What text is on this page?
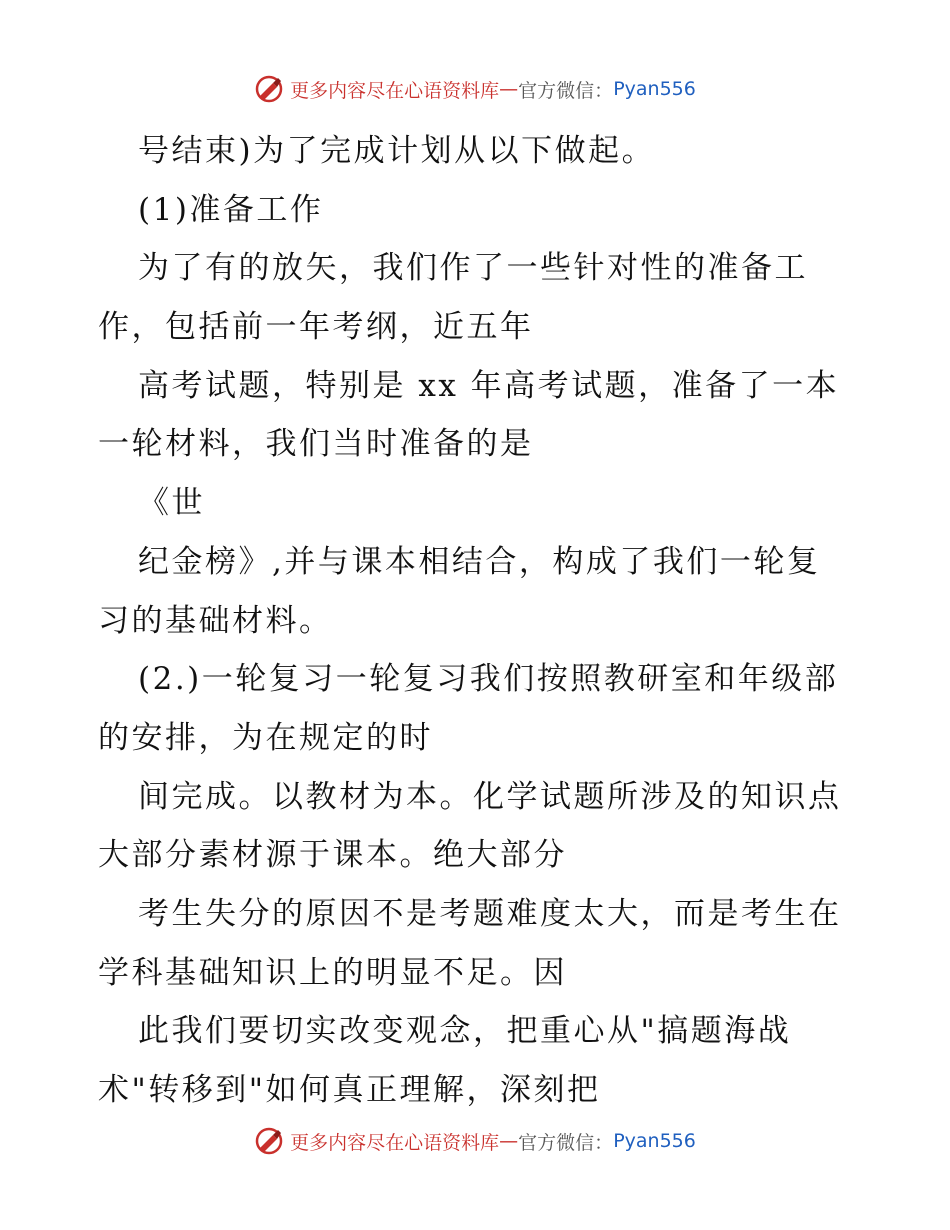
更多内容尽在心语资料库 — 官方微信 ： Pyan556
号结束)为了完成计划从以下做起。
(1)准备工作
为了有的放矢，我们作了一些针对性的准备工
作，包括前一年考纲，近五年
高考试题，特别是 xx 年高考试题，准备了一本
一轮材料，我们当时准备的是
《世
纪金榜》,并与课本相结合，构成了我们一轮复
习的基础材料。
(2.)一轮复习一轮复习我们按照教研室和年级部
的安排，为在规定的时
间完成。以教材为本。化学试题所涉及的知识点
大部分素材源于课本。绝大部分
考生失分的原因不是考题难度太大，而是考生在
学科基础知识上的明显不足。因
此我们要切实改变观念，把重心从"搞题海战
术"转移到"如何真正理解，深刻把
更多内容尽在心语资料库 — 官方微信 ： Pyan556
